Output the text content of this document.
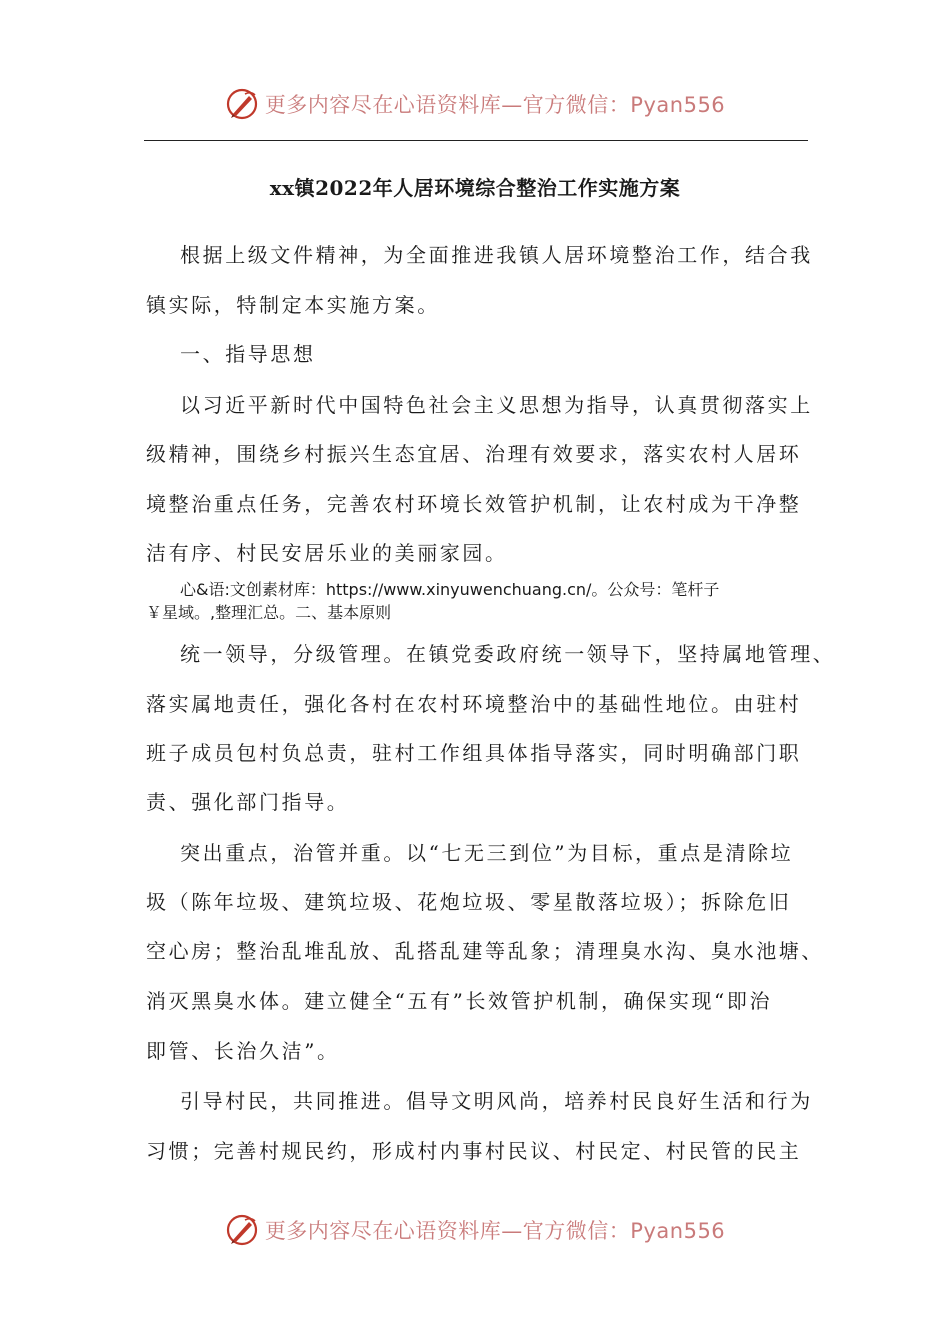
更多内容尽在心语资料库—官方微信：Pyan556
xx镇2022年人居环境综合整治工作实施方案
根据上级文件精神，为全面推进我镇人居环境整治工作，结合我
镇实际，特制定本实施方案。
一、指导思想
以习近平新时代中国特色社会主义思想为指导，认真贯彻落实上
级精神，围绕乡村振兴生态宜居、治理有效要求，落实农村人居环
境整治重点任务，完善农村环境长效管护机制，让农村成为干净整
洁有序、村民安居乐业的美丽家园。
心&语:文创素材库：https://www.xinyuwenchuang.cn/。公众号：笔杆子
￥星域。,整理汇总。二、基本原则
统一领导，分级管理。在镇党委政府统一领导下，坚持属地管理、
落实属地责任，强化各村在农村环境整治中的基础性地位。由驻村
班子成员包村负总责，驻村工作组具体指导落实，同时明确部门职
责、强化部门指导。
突出重点，治管并重。以“七无三到位”为目标，重点是清除垃
圾（陈年垃圾、建筑垃圾、花炮垃圾、零星散落垃圾）；拆除危旧
空心房；整治乱堆乱放、乱搭乱建等乱象；清理臭水沟、臭水池塘、
消灭黑臭水体。建立健全“五有”长效管护机制，确保实现“即治
即管、长治久洁”。
引导村民，共同推进。倡导文明风尚，培养村民良好生活和行为
习惯；完善村规民约，形成村内事村民议、村民定、村民管的民主
更多内容尽在心语资料库—官方微信：Pyan556
